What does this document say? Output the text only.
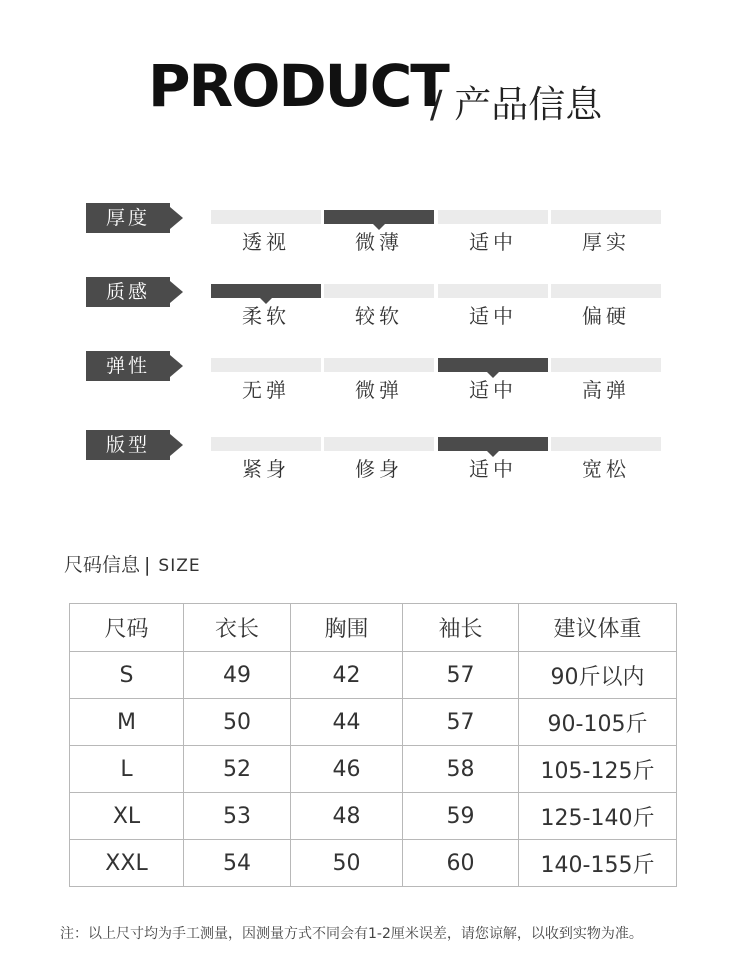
PRODUCT
/ 产品信息
厚度
透视	微薄	适中	厚实
质感
柔软	较软	适中	偏硬
弹性
无弹	微弹	适中	高弹
版型
紧身	修身	适中	宽松
尺码信息 | SIZE
尺码	衣长	胸围	袖长	建议体重
S	49	42	57	90斤以内
M	50	44	57	90-105斤
L	52	46	58	105-125斤
XL	53	48	59	125-140斤
XXL	54	50	60	140-155斤
注：以上尺寸均为手工测量，因测量方式不同会有1-2厘米误差，请您谅解，以收到实物为准。
